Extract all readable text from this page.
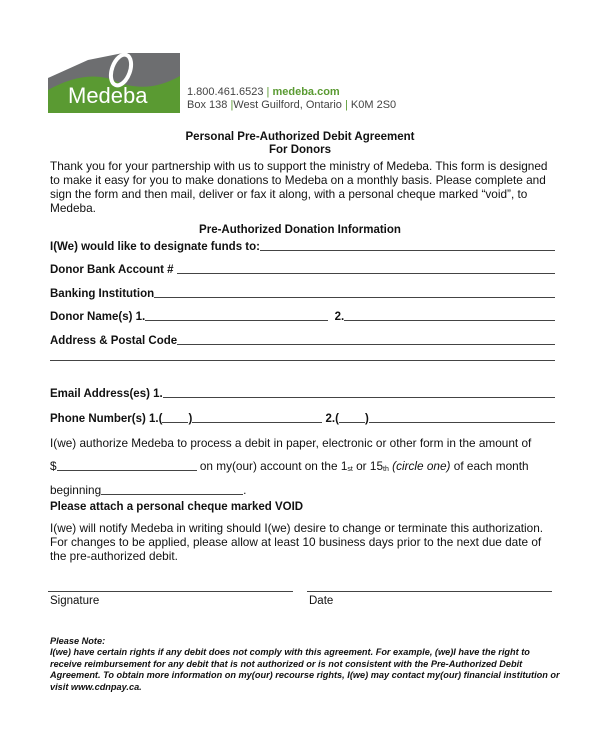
Medeba	1.800.461.6523 | medeba.com
Box 138 |West Guilford, Ontario | K0M 2S0
Personal Pre-Authorized Debit Agreement
For Donors
Thank you for your partnership with us to support the ministry of Medeba. This form is designed to make it easy for you to make donations to Medeba on a monthly basis. Please complete and sign the form and then mail, deliver or fax it along, with a personal cheque marked “void”, to Medeba.
Pre-Authorized Donation Information
I(We) would like to designate funds to:
Donor Bank Account #

Banking Institution
Donor Name(s) 1.
	2.
Address & Postal Code
Email Address(es) 1.
Phone Number(s) 1.( )
	2.( )
I(we) authorize Medeba to process a debit in paper, electronic or other form in the amount of
$
	on my(our) account on the $1_{st}$
or $15_{th}$
(circle one)
of each month
beginning	.
Please attach a personal cheque marked VOID
I(we) will notify Medeba in writing should I(we) desire to change or terminate this authorization. For changes to be applied, please allow at least 10 business days prior to the next due date of the pre-authorized debit.
Signature	Date
Please Note:
I(we) have certain rights if any debit does not comply with this agreement. For example, (we)I have the right to receive reimbursement for any debit that is not authorized or is not consistent with the Pre-Authorized Debit Agreement. To obtain more information on my(our) recourse rights, I(we) may contact my(our) financial institution or visit www.cdnpay.ca.
